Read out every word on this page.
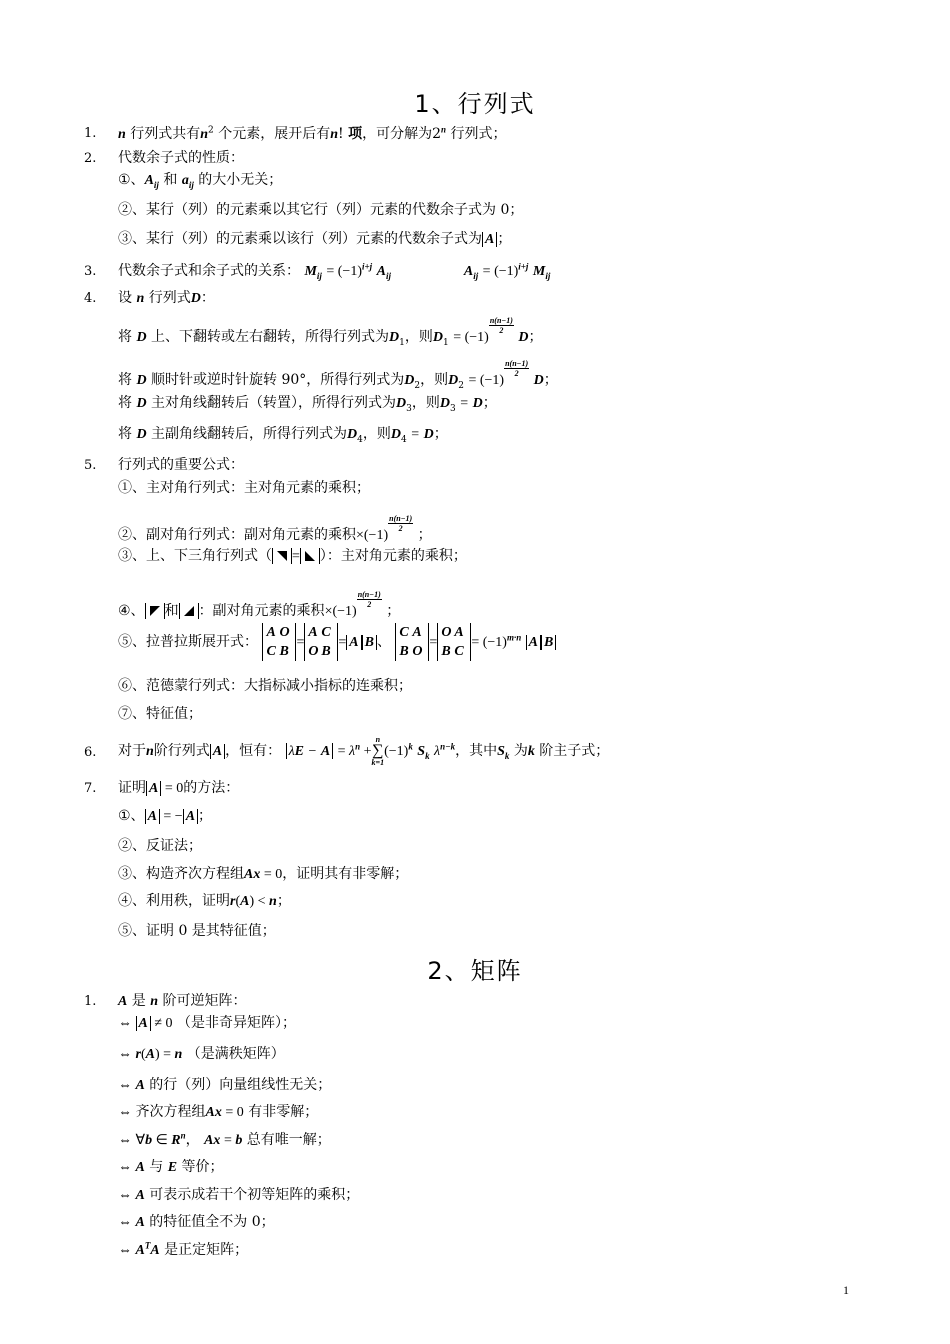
1、行列式
1. n 行列式共有$n^2$ 个元素，展开后有n! 项，可分解为2$^n$ 行列式；
2. 代数余子式的性质：
①、$A_{ij}$ 和 $a_{ij}$ 的大小无关；
②、某行（列）的元素乘以其它行（列）元素的代数余子式为 0；
③、某行（列）的元素乘以该行（列）元素的代数余子式为 A ；
3. 代数余子式和余子式的关系： $M_{ij} = (-1)^{i+j}$ $A_{ij}$	$A_{ij} = (-1)^{i+j}$ $M_{ij}$
4. 设 n 行列式D：
将 D 上、下翻转或左右翻转，所得行列式为$D_1$，则$D_1 = (-1)$
$\frac{n(n-1)}{2}$
D；
将 D 顺时针或逆时针旋转 90°，所得行列式为$D_2$，则$D_2 = (-1)$
$\frac{n(n-1)}{2}$
D；
将 D 主对角线翻转后（转置），所得行列式为$D_3$，则$D_3 = D$；
将 D 主副角线翻转后，所得行列式为$D_4$，则$D_4 = D$；
5. 行列式的重要公式：
①、主对角行列式：主对角元素的乘积；
②、副对角行列式：副对角元素的乘积×(−1)
$\frac{n(n-1)}{2}$
；
③、上、下三角行列式（ = ）：主对角元素的乘积；
④、 和 ：副对角元素的乘积×(−1)
$\frac{n(n-1)}{2}$
；
⑤、拉普拉斯展开式： A O
C B=A C
O B= A B 、 C A
B O=O A
B $C= (-1)^{m\cdot n}$ A B
⑥、范德蒙行列式：大指标减小指标的连乘积；
⑦、特征值；
6. 对于n阶行列式 A ，恒有： $\lambda E - A = \lambda^n$ +
n
∑
k=1
$(-1)^k$ $S_k$ $\lambda^{n-k}$，其中$S_k$ 为k 阶主子式；
7. 证明 A = 0的方法：
①、 A = − A ；
②、反证法；
③、构造齐次方程组Ax = 0，证明其有非零解；
④、利用秩，证明r(A) < n；
⑤、证明 0 是其特征值；
2、矩阵
1. A 是 n 阶可逆矩阵：
⇔ A ≠ 0 （是非奇异矩阵）；
⇔ r(A) = n （是满秩矩阵）
⇔ A 的行（列）向量组线性无关；
⇔ 齐次方程组Ax = 0 有非零解；
⇔ ∀b ∈ $R^n$， Ax = b 总有唯一解；
⇔ A 与 E 等价；
⇔ A 可表示成若干个初等矩阵的乘积；
⇔ A 的特征值全不为 0；
⇔ $A^TA$ 是正定矩阵；
1
